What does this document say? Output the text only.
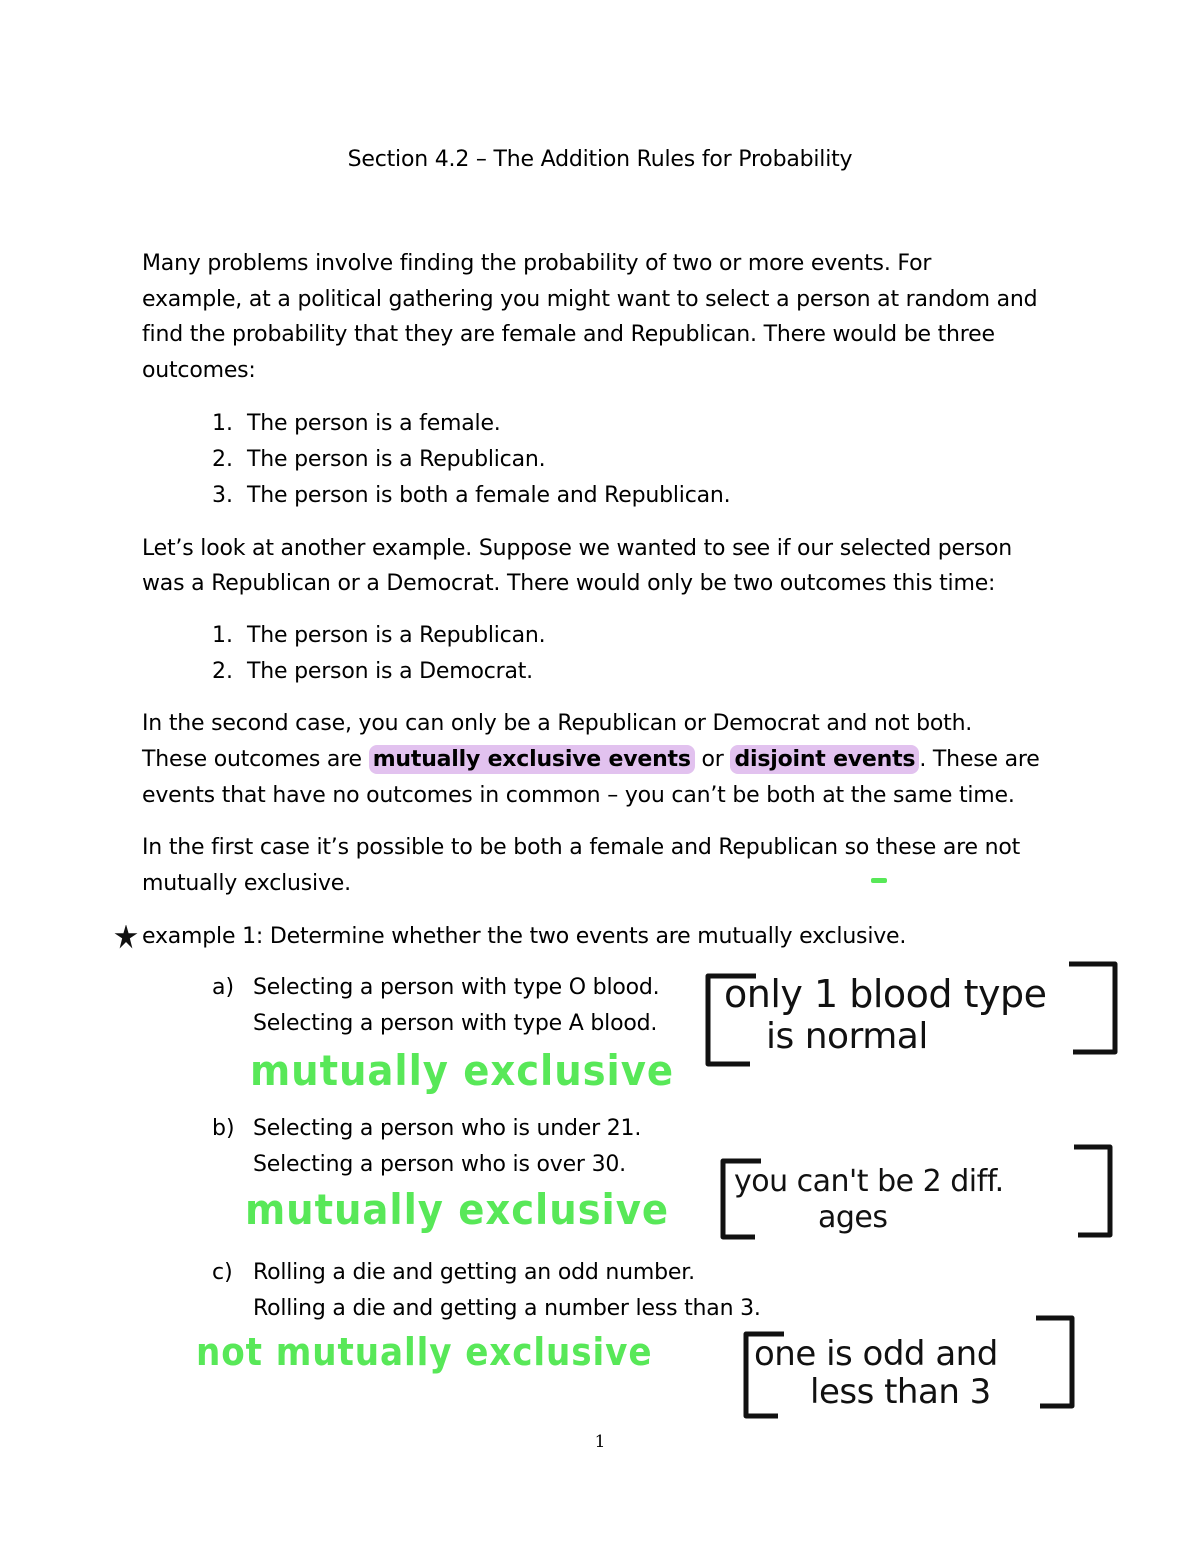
Section 4.2 – The Addition Rules for Probability
Many problems involve finding the probability of two or more events. For
example, at a political gathering you might want to select a person at random and
find the probability that they are female and Republican. There would be three
outcomes:
1. The person is a female.
2. The person is a Republican.
3. The person is both a female and Republican.
Let’s look at another example. Suppose we wanted to see if our selected person
was a Republican or a Democrat. There would only be two outcomes this time:
1. The person is a Republican.
2. The person is a Democrat.
In the second case, you can only be a Republican or Democrat and not both.
These outcomes are mutually exclusive events or disjoint events . These are
events that have no outcomes in common – you can’t be both at the same time.
In the first case it’s possible to be both a female and Republican so these are not
mutually exclusive.
example 1: Determine whether the two events are mutually exclusive.
a) Selecting a person with type O blood.
Selecting a person with type A blood.
mutually exclusive
only 1 blood type
is normal
b) Selecting a person who is under 21.
Selecting a person who is over 30.
mutually exclusive
you can't be 2 diff.
ages
c) Rolling a die and getting an odd number.
Rolling a die and getting a number less than 3.
not mutually exclusive	one is odd and
less than 3
1
